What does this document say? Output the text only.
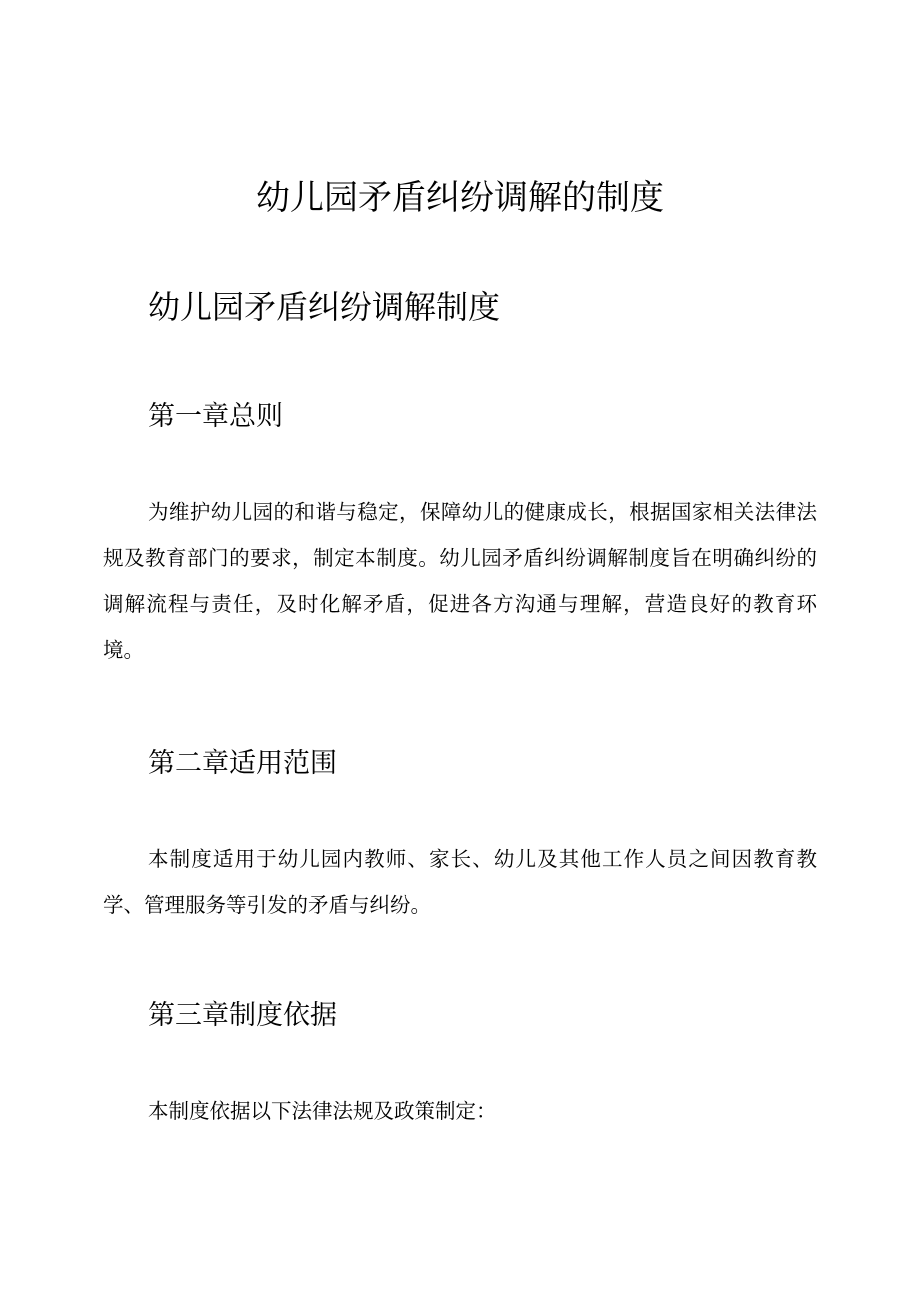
幼儿园矛盾纠纷调解的制度
幼儿园矛盾纠纷调解制度
第一章总则

为维护幼儿园的和谐与稳定，保障幼儿的健康成长，根据国家相关法律法规及教育部门的要求，制定本制度。幼儿园矛盾纠纷调解制度旨在明确纠纷的调解流程与责任，及时化解矛盾，促进各方沟通与理解，营造良好的教育环境。

第二章适用范围

本制度适用于幼儿园内教师、家长、幼儿及其他工作人员之间因教育教学、管理服务等引发的矛盾与纠纷。

第三章制度依据

本制度依据以下法律法规及政策制定：
